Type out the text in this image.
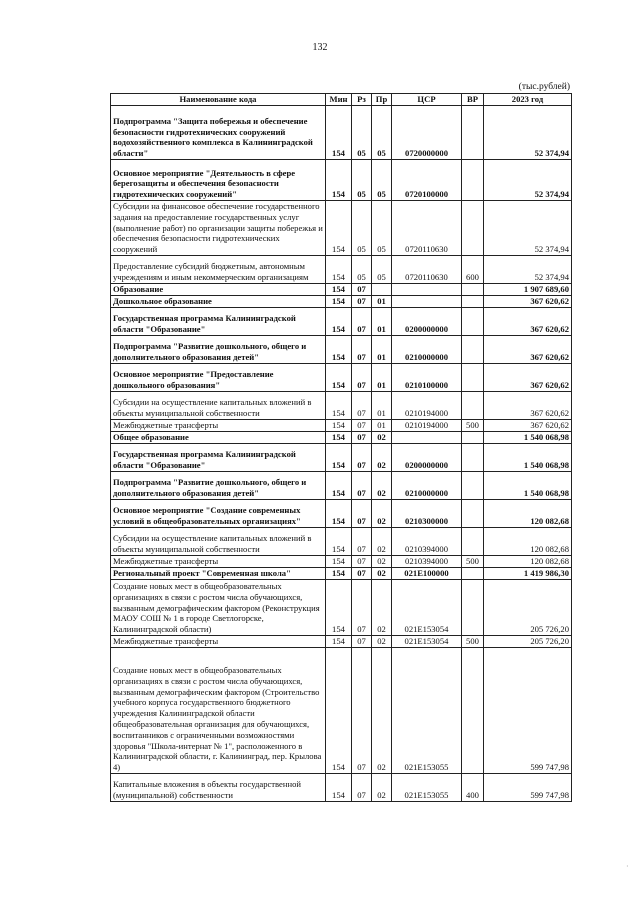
132
(тыс.рублей)
Наименование кода	Мин	Рз	Пр	ЦСР	ВР	2023 год
Подпрограмма "Защита побережья и обеспечение безопасности гидротехнических сооружений водохозяйственного комплекса в Калининградской области"	154	05	05	0720000000		52 374,94
Основное мероприятие "Деятельность в сфере берегозащиты и обеспечения безопасности гидротехнических сооружений"	154	05	05	0720100000		52 374,94
Субсидии на финансовое обеспечение государственного задания на предоставление государственных услуг (выполнение работ) по организации защиты побережья и обеспечения безопасности гидротехнических сооружений	154	05	05	0720110630		52 374,94
Предоставление субсидий бюджетным, автономным учреждениям и иным некоммерческим организациям	154	05	05	0720110630	600	52 374,94
Образование	154	07				1 907 689,60
Дошкольное образование	154	07	01			367 620,62
Государственная программа Калининградской области "Образование"	154	07	01	0200000000		367 620,62
Подпрограмма "Развитие дошкольного, общего и дополнительного образования детей"	154	07	01	0210000000		367 620,62
Основное мероприятие "Предоставление дошкольного образования"	154	07	01	0210100000		367 620,62
Субсидии на осуществление капитальных вложений в объекты муниципальной собственности	154	07	01	0210194000		367 620,62
Межбюджетные трансферты	154	07	01	0210194000	500	367 620,62
Общее образование	154	07	02			1 540 068,98
Государственная программа Калининградской области "Образование"	154	07	02	0200000000		1 540 068,98
Подпрограмма "Развитие дошкольного, общего и дополнительного образования детей"	154	07	02	0210000000		1 540 068,98
Основное мероприятие "Создание современных условий в общеобразовательных организациях"	154	07	02	0210300000		120 082,68
Субсидии на осуществление капитальных вложений в объекты муниципальной собственности	154	07	02	0210394000		120 082,68
Межбюджетные трансферты	154	07	02	0210394000	500	120 082,68
Региональный проект "Современная школа"	154	07	02	021E100000		1 419 986,30
Создание новых мест в общеобразовательных организациях в связи с ростом числа обучающихся, вызванным демографическим фактором (Реконструкция МАОУ СОШ № 1 в городе Светлогорске, Калининградской области)	154	07	02	021E153054		205 726,20
Межбюджетные трансферты	154	07	02	021E153054	500	205 726,20
Создание новых мест в общеобразовательных организациях в связи с ростом числа обучающихся, вызванным демографическим фактором (Строительство учебного корпуса государственного бюджетного учреждения Калининградской области общеобразовательная организация для обучающихся, воспитанников с ограниченными возможностями здоровья "Школа-интернат № 1", расположенного в Калининградской области, г. Калининград, пер. Крылова 4)	154	07	02	021E153055		599 747,98
Капитальные вложения в объекты государственной (муниципальной) собственности	154	07	02	021E153055	400	599 747,98
·
